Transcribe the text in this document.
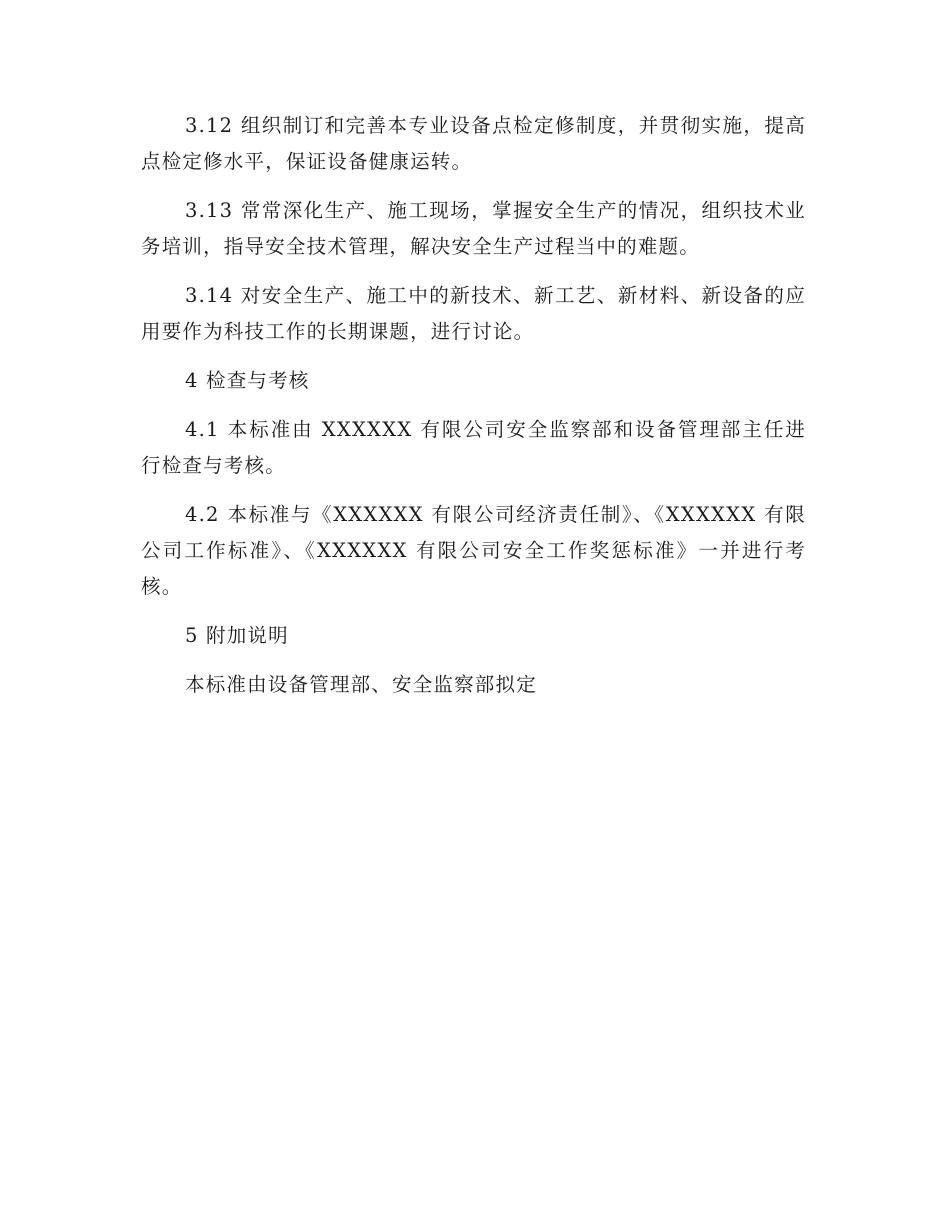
3.12 组织制订和完善本专业设备点检定修制度，并贯彻实施，提高点检定修水平，保证设备健康运转。

3.13 常常深化生产、施工现场，掌握安全生产的情况，组织技术业务培训，指导安全技术管理，解决安全生产过程当中的难题。

3.14 对安全生产、施工中的新技术、新工艺、新材料、新设备的应用要作为科技工作的长期课题，进行讨论。

4 检查与考核

4.1 本标准由 XXXXXX 有限公司安全监察部和设备管理部主任进行检查与考核。

4.2 本标准与《XXXXXX 有限公司经济责任制》、《XXXXXX 有限公司工作标准》、《XXXXXX 有限公司安全工作奖惩标准》一并进行考核。

5 附加说明

本标准由设备管理部、安全监察部拟定
